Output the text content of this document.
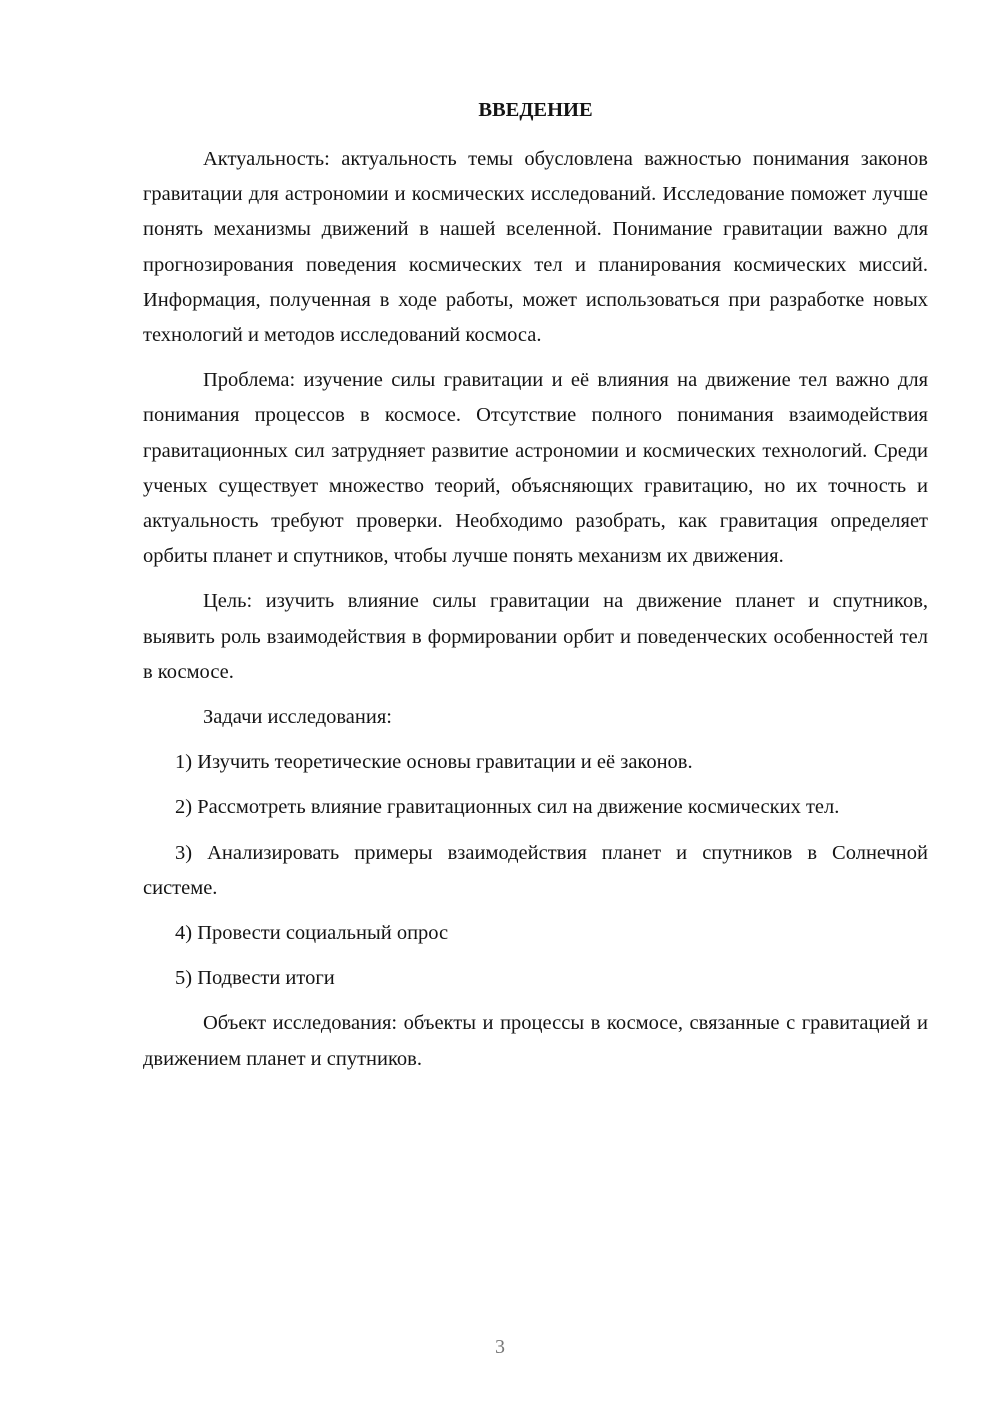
ВВЕДЕНИЕ

Актуальность: актуальность темы обусловлена важностью понимания законов гравитации для астрономии и космических исследований. Исследование поможет лучше понять механизмы движений в нашей вселенной. Понимание гравитации важно для прогнозирования поведения космических тел и планирования космических миссий. Информация, полученная в ходе работы, может использоваться при разработке новых технологий и методов исследований космоса.

Проблема: изучение силы гравитации и её влияния на движение тел важно для понимания процессов в космосе. Отсутствие полного понимания взаимодействия гравитационных сил затрудняет развитие астрономии и космических технологий. Среди ученых существует множество теорий, объясняющих гравитацию, но их точность и актуальность требуют проверки. Необходимо разобрать, как гравитация определяет орбиты планет и спутников, чтобы лучше понять механизм их движения.

Цель: изучить влияние силы гравитации на движение планет и спутников, выявить роль взаимодействия в формировании орбит и поведенческих особенностей тел в космосе.

Задачи исследования:

1) Изучить теоретические основы гравитации и её законов.

2) Рассмотреть влияние гравитационных сил на движение космических тел.

3) Анализировать примеры взаимодействия планет и спутников в Солнечной системе.

4) Провести социальный опрос

5) Подвести итоги

Объект исследования: объекты и процессы в космосе, связанные с гравитацией и движением планет и спутников.

3
